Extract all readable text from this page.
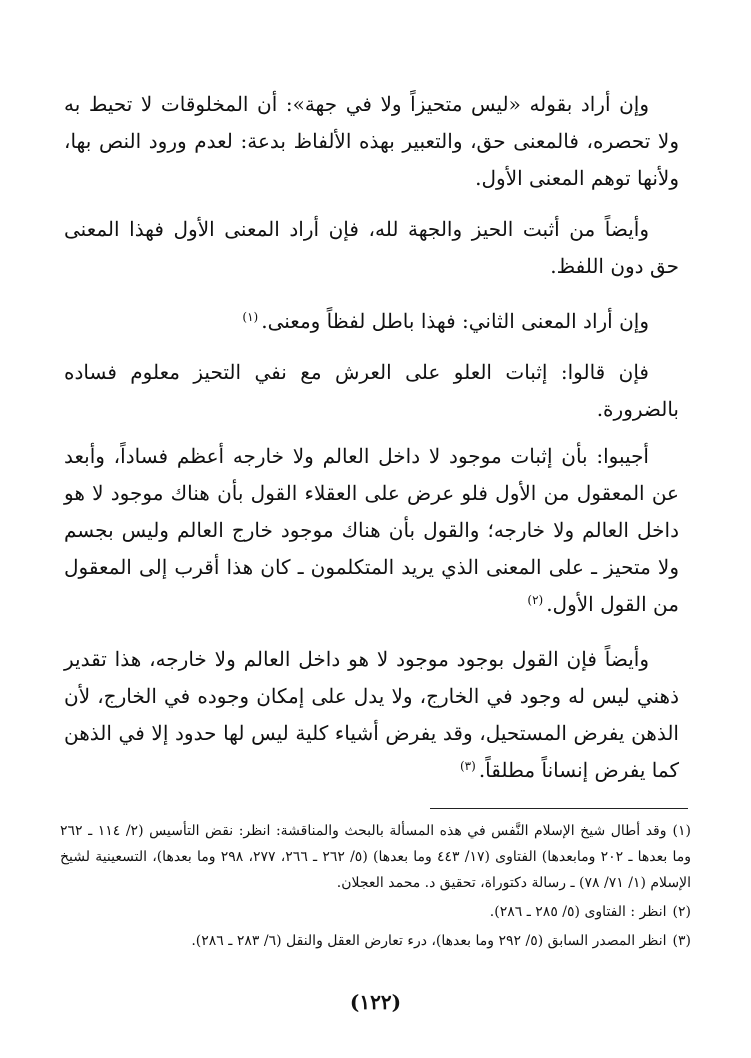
وإن أراد بقوله «ليس متحيزاً ولا في جهة»: أن المخلوقات لا تحيط به ولا تحصره، فالمعنى حق، والتعبير بهذه الألفاظ بدعة: لعدم ورود النص بها، ولأنها توهم المعنى الأول.

وأيضاً من أثبت الحيز والجهة لله، فإن أراد المعنى الأول فهذا المعنى حق دون اللفظ.

وإن أراد المعنى الثاني: فهذا باطل لفظاً ومعنى.$^{(١)}$

فإن قالوا: إثبات العلو على العرش مع نفي التحيز معلوم فساده بالضرورة.

أجيبوا: بأن إثبات موجود لا داخل العالم ولا خارجه أعظم فساداً، وأبعد عن المعقول من الأول فلو عرض على العقلاء القول بأن هناك موجود لا هو داخل العالم ولا خارجه؛ والقول بأن هناك موجود خارج العالم وليس بجسم ولا متحيز ـ على المعنى الذي يريد المتكلمون ـ كان هذا أقرب إلى المعقول من القول الأول.$^{(٢)}$

وأيضاً فإن القول بوجود موجود لا هو داخل العالم ولا خارجه، هذا تقدير ذهني ليس له وجود في الخارج، ولا يدل على إمكان وجوده في الخارج، لأن الذهن يفرض المستحيل، وقد يفرض أشياء كلية ليس لها حدود إلا في الذهن كما يفرض إنساناً مطلقاً.$^{(٣)}$

(١)وقد أطال شيخ الإسلام النَّفس في هذه المسألة بالبحث والمناقشة: انظر: نقض التأسيس (٢/ ١١٤ ـ ٢٦٢ وما بعدها ـ ٢٠٢ ومابعدها) الفتاوى (١٧/ ٤٤٣ وما بعدها) (٥/ ٢٦٢ ـ ٢٦٦، ٢٧٧، ٢٩٨ وما بعدها)، التسعينية لشيخ الإسلام (١/ ٧١/ ٧٨) ـ رسالة دكتوراة، تحقيق د. محمد العجلان.

(٢)انظر : الفتاوى (٥/ ٢٨٥ ـ ٢٨٦).

(٣)انظر المصدر السابق (٥/ ٢٩٢ وما بعدها)، درء تعارض العقل والنقل (٦/ ٢٨٣ ـ ٢٨٦).

(١٢٢)
